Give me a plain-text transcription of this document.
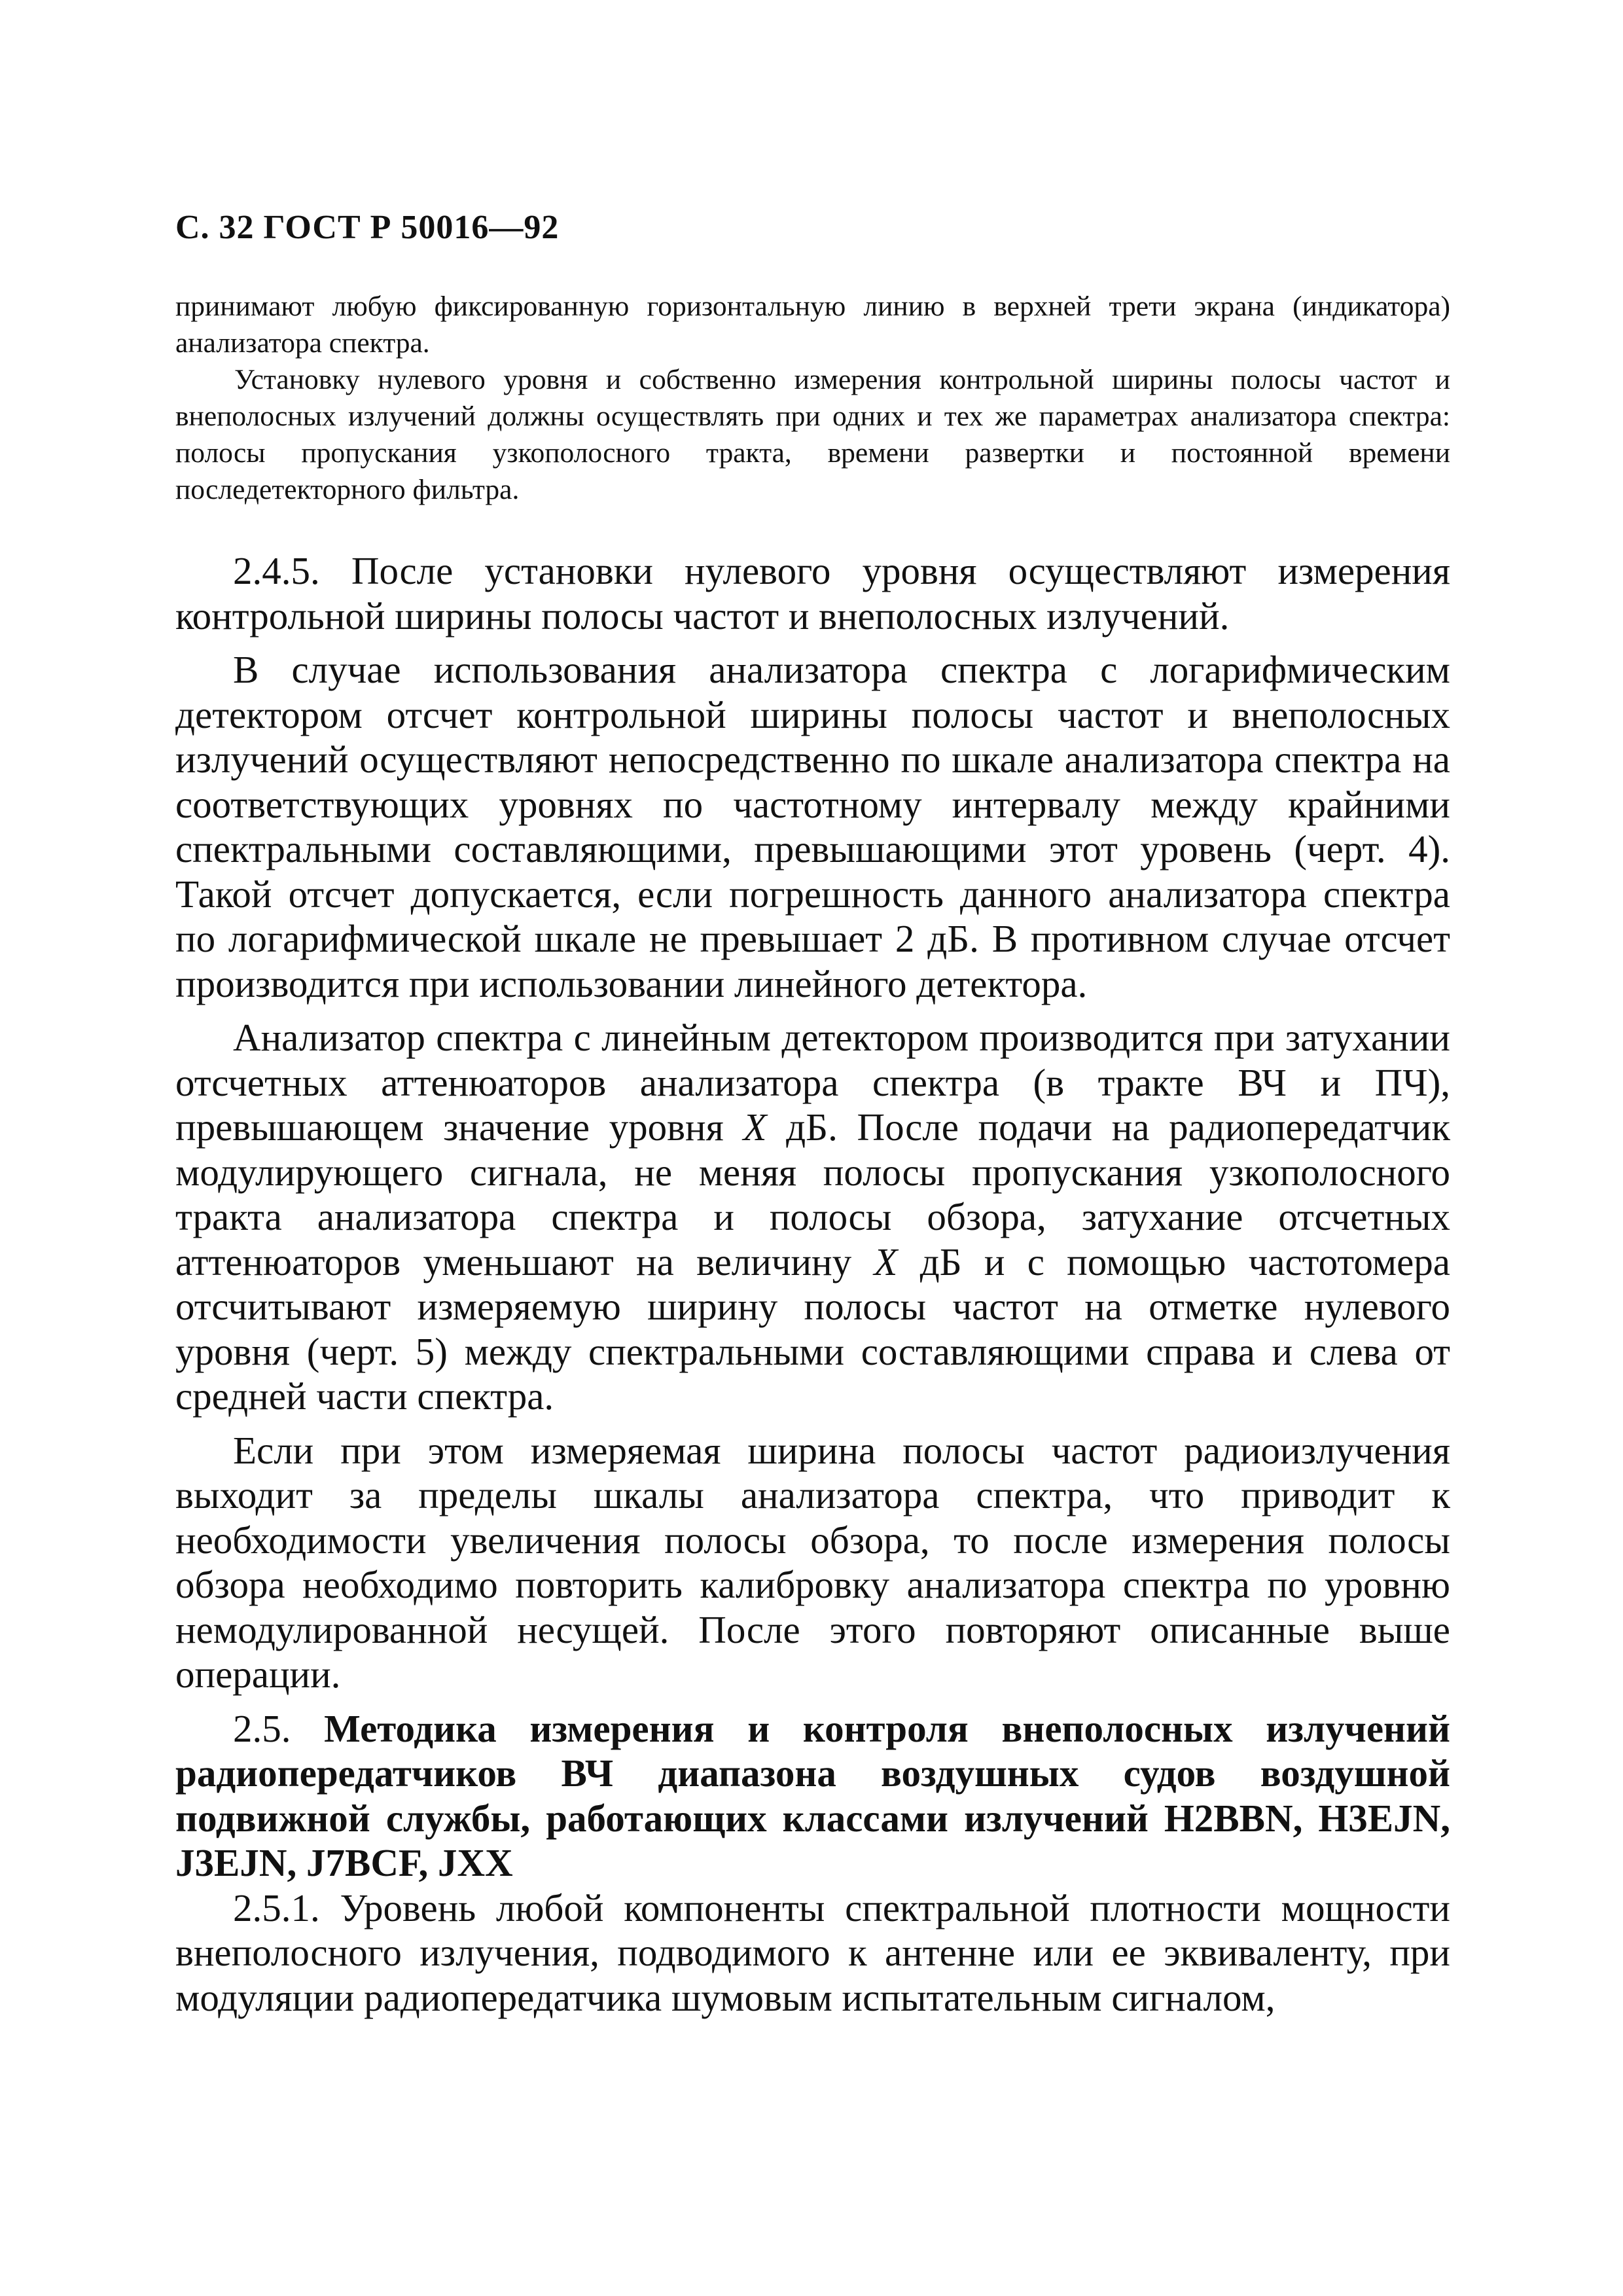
С. 32 ГОСТ Р 50016—92

принимают любую фиксированную горизонтальную линию в верхней трети экрана (индикатора) анализатора спектра.

Установку нулевого уровня и собственно измерения контрольной ширины полосы частот и внеполосных излучений должны осуществлять при одних и тех же параметрах анализатора спектра: полосы пропускания узкополосного тракта, времени развертки и постоянной времени последетекторного фильтра.

2.4.5. После установки нулевого уровня осуществляют измерения контрольной ширины полосы частот и внеполосных излучений.

В случае использования анализатора спектра с логарифмическим детектором отсчет контрольной ширины полосы частот и внеполосных излучений осуществляют непосредственно по шкале анализатора спектра на соответствующих уровнях по частотному интервалу между крайними спектральными составляющими, превышающими этот уровень (черт. 4). Такой отсчет допускается, если погрешность данного анализатора спектра по логарифмической шкале не превышает 2 дБ. В противном случае отсчет производится при использовании линейного детектора.

Анализатор спектра с линейным детектором производится при затухании отсчетных аттенюаторов анализатора спектра (в тракте ВЧ и ПЧ), превышающем значение уровня X дБ. После подачи на радиопередатчик модулирующего сигнала, не меняя полосы пропускания узкополосного тракта анализатора спектра и полосы обзора, затухание отсчетных аттенюаторов уменьшают на величину X дБ и с помощью частотомера отсчитывают измеряемую ширину полосы частот на отметке нулевого уровня (черт. 5) между спектральными составляющими справа и слева от средней части спектра.

Если при этом измеряемая ширина полосы частот радиоизлучения выходит за пределы шкалы анализатора спектра, что приводит к необходимости увеличения полосы обзора, то после измерения полосы обзора необходимо повторить калибровку анализатора спектра по уровню немодулированной несущей. После этого повторяют описанные выше операции.

2.5. Методика измерения и контроля внеполосных излучений радиопередатчиков ВЧ диапазона воздушных судов воздушной подвижной службы, работающих классами излучений H2BBN, H3EJN, J3EJN, J7BCF, JXX

2.5.1. Уровень любой компоненты спектральной плотности мощности внеполосного излучения, подводимого к антенне или ее эквиваленту, при модуляции радиопередатчика шумовым испытательным сигналом,
